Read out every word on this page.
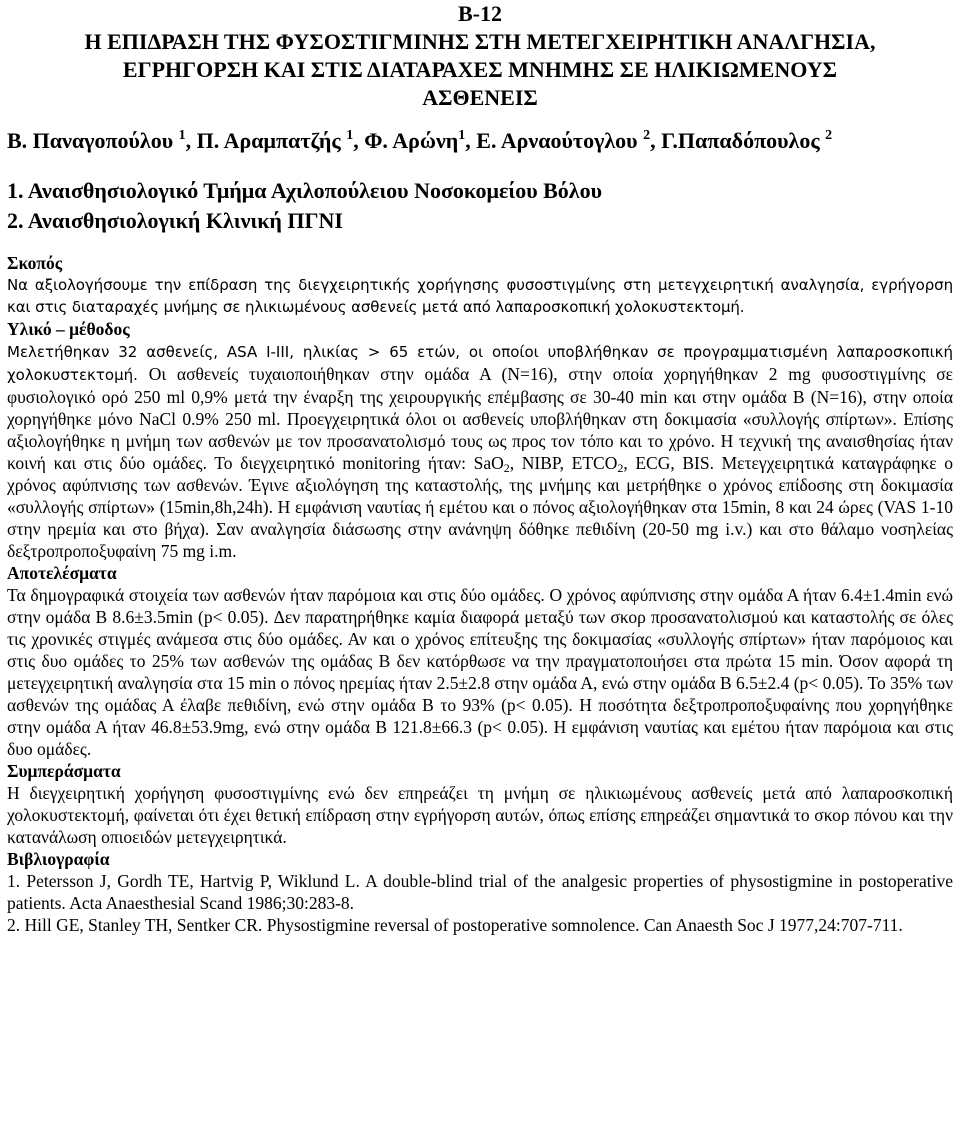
B-12
Η ΕΠΙΔΡΑΣΗ ΤΗΣ ΦΥΣΟΣΤΙΓΜΙΝΗΣ ΣΤΗ ΜΕΤΕΓΧΕΙΡΗΤΙΚΗ ΑΝΑΛΓΗΣΙΑ,
ΕΓΡΗΓΟΡΣΗ ΚΑΙ ΣΤΙΣ ΔΙΑΤΑΡΑΧΕΣ ΜΝΗΜΗΣ ΣΕ ΗΛΙΚΙΩΜΕΝΟΥΣ
ΑΣΘΕΝΕΙΣ
Β. Παναγοπούλου $^1$, Π. Αραμπατζής $^1$, Φ. Αρώνη$^1$, Ε. Αρναούτογλου $^2$, Γ.Παπαδόπουλος $^2$
1. Αναισθησιολογικό Τμήμα Αχιλοπούλειου Νοσοκομείου Βόλου
2. Αναισθησιολογική Κλινική ΠΓΝΙ
Σκοπός
Να αξιολογήσουμε την επίδραση της διεγχειρητικής χορήγησης φυσοστιγμίνης στη μετεγχειρητική αναλγησία, εγρήγορση και στις διαταραχές μνήμης σε ηλικιωμένους ασθενείς μετά από λαπαροσκοπική χολοκυστεκτομή.
Υλικό – μέθοδος
Μελετήθηκαν 32 ασθενείς, ASA I-III, ηλικίας > 65 ετών, οι οποίοι υποβλήθηκαν σε προγραμματισμένη λαπαροσκοπική χολοκυστεκτομή. Οι ασθενείς τυχαιοποιήθηκαν στην ομάδα Α (N=16), στην οποία χορηγήθηκαν 2 mg φυσοστιγμίνης σε φυσιολογικό ορό 250 ml 0,9% μετά την έναρξη της χειρουργικής επέμβασης σε 30-40 min και στην ομάδα Β (N=16), στην οποία χορηγήθηκε μόνο NaCl 0.9% 250 ml. Προεγχειρητικά όλοι οι ασθενείς υποβλήθηκαν στη δοκιμασία «συλλογής σπίρτων». Επίσης αξιολογήθηκε η μνήμη των ασθενών με τον προσανατολισμό τους ως προς τον τόπο και το χρόνο. Η τεχνική της αναισθησίας ήταν κοινή και στις δύο ομάδες. Το διεγχειρητικό monitoring ήταν: SaO$_2$, NIBP, $ETCO_2$, ECG, BIS. Μετεγχειρητικά καταγράφηκε ο χρόνος αφύπνισης των ασθενών. Έγινε αξιολόγηση της καταστολής, της μνήμης και μετρήθηκε ο χρόνος επίδοσης στη δοκιμασία «συλλογής σπίρτων» (15min,8h,24h). Η εμφάνιση ναυτίας ή εμέτου και ο πόνος αξιολογήθηκαν στα 15min, 8 και 24 ώρες (VAS 1-10 στην ηρεμία και στο βήχα). Σαν αναλγησία διάσωσης στην ανάνηψη δόθηκε πεθιδίνη (20-50 mg i.v.) και στο θάλαμο νοσηλείας δεξτροπροποξυφαίνη 75 mg i.m.
Αποτελέσματα
Τα δημογραφικά στοιχεία των ασθενών ήταν παρόμοια και στις δύο ομάδες. Ο χρόνος αφύπνισης στην ομάδα Α ήταν 6.4±1.4min ενώ στην ομάδα Β 8.6±3.5min (p< 0.05). Δεν παρατηρήθηκε καμία διαφορά μεταξύ των σκορ προσανατολισμού και καταστολής σε όλες τις χρονικές στιγμές ανάμεσα στις δύο ομάδες. Αν και ο χρόνος επίτευξης της δοκιμασίας «συλλογής σπίρτων» ήταν παρόμοιος και στις δυο ομάδες το 25% των ασθενών της ομάδας Β δεν κατόρθωσε να την πραγματοποιήσει στα πρώτα 15 min. Όσον αφορά τη μετεγχειρητική αναλγησία στα 15 min ο πόνος ηρεμίας ήταν 2.5±2.8 στην ομάδα Α, ενώ στην ομάδα Β 6.5±2.4 (p< 0.05). Το 35% των ασθενών της ομάδας Α έλαβε πεθιδίνη, ενώ στην ομάδα Β το 93% (p< 0.05). Η ποσότητα δεξτροπροποξυφαίνης που χορηγήθηκε στην ομάδα Α ήταν 46.8±53.9mg, ενώ στην ομάδα Β 121.8±66.3 (p< 0.05). Η εμφάνιση ναυτίας και εμέτου ήταν παρόμοια και στις δυο ομάδες.
Συμπεράσματα
Η διεγχειρητική χορήγηση φυσοστιγμίνης ενώ δεν επηρεάζει τη μνήμη σε ηλικιωμένους ασθενείς μετά από λαπαροσκοπική χολοκυστεκτομή, φαίνεται ότι έχει θετική επίδραση στην εγρήγορση αυτών, όπως επίσης επηρεάζει σημαντικά το σκορ πόνου και την κατανάλωση οπιοειδών μετεγχειρητικά.
Βιβλιογραφία
1. Petersson J, Gordh TE, Hartvig P, Wiklund L. A double-blind trial of the analgesic properties of physostigmine in postoperative patients. Acta Anaesthesial Scand 1986;30:283-8.
2. Hill GE, Stanley TH, Sentker CR. Physostigmine reversal of postoperative somnolence. Can Anaesth Soc J 1977,24:707-711.
